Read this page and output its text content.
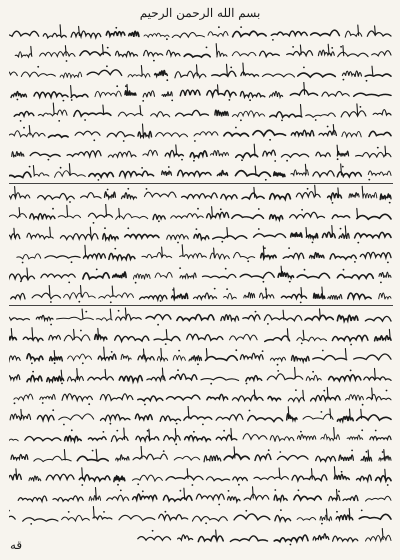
بسم الله الرحمن الرحيم
قه
